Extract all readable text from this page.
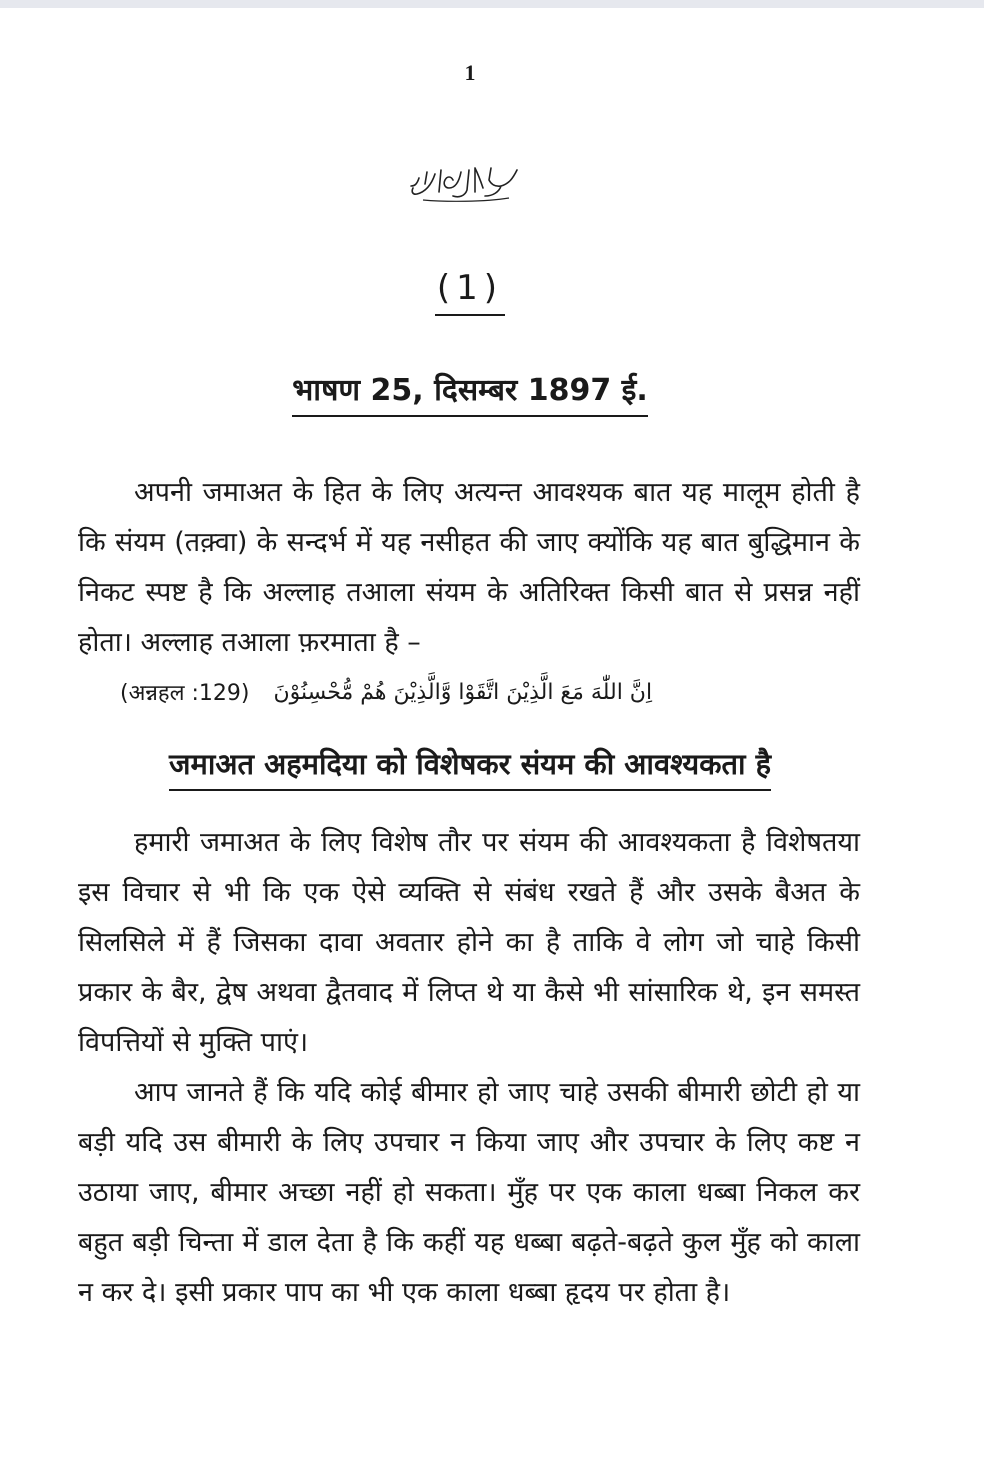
1
(1)
भाषण 25, दिसम्बर 1897 ई.

अपनी जमाअत के हित के लिए अत्यन्त आवश्यक बात यह मालूम होती है कि संयम (तक़्वा) के सन्दर्भ में यह नसीहत की जाए क्योंकि यह बात बुद्धिमान के निकट स्पष्ट है कि अल्लाह तआला संयम के अतिरिक्त किसी बात से प्रसन्न नहीं होता। अल्लाह तआला फ़रमाता है –

(अन्नहल :129) اِنَّ اللّٰهَ مَعَ الَّذِيْنَ اتَّقَوْا وَّالَّذِيْنَ هُمْ مُّحْسِنُوْنَ
जमाअत अहमदिया को विशेषकर संयम की आवश्यकता है

हमारी जमाअत के लिए विशेष तौर पर संयम की आवश्यकता है विशेषतया इस विचार से भी कि एक ऐसे व्यक्ति से संबंध रखते हैं और उसके बैअत के सिलसिले में हैं जिसका दावा अवतार होने का है ताकि वे लोग जो चाहे किसी प्रकार के बैर, द्वेष अथवा द्वैतवाद में लिप्त थे या कैसे भी सांसारिक थे, इन समस्त विपत्तियों से मुक्ति पाएं।

आप जानते हैं कि यदि कोई बीमार हो जाए चाहे उसकी बीमारी छोटी हो या बड़ी यदि उस बीमारी के लिए उपचार न किया जाए और उपचार के लिए कष्ट न उठाया जाए, बीमार अच्छा नहीं हो सकता। मुँह पर एक काला धब्बा निकल कर बहुत बड़ी चिन्ता में डाल देता है कि कहीं यह धब्बा बढ़ते-बढ़ते कुल मुँह को काला न कर दे। इसी प्रकार पाप का भी एक काला धब्बा हृदय पर होता है।
